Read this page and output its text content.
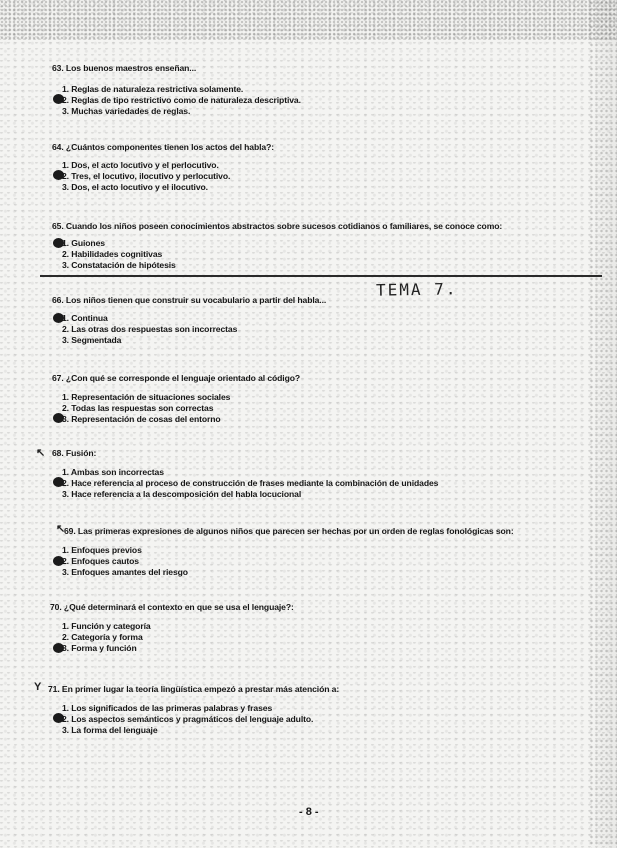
63. Los buenos maestros enseñan...
1. Reglas de naturaleza restrictiva solamente.
2. Reglas de tipo restrictivo como de naturaleza descriptiva.
3. Muchas variedades de reglas.
64. ¿Cuántos componentes tienen los actos del habla?:
1. Dos, el acto locutivo y el perlocutivo.
2. Tres, el locutivo, ilocutivo y perlocutivo.
3. Dos, el acto locutivo y el ilocutivo.
65. Cuando los niños poseen conocimientos abstractos sobre sucesos cotidianos o familiares, se conoce como:
1. Guiones
2. Habilidades cognitivas
3. Constatación de hipótesis
TEMA 7.
66. Los niños tienen que construir su vocabulario a partir del habla...
1. Continua
2. Las otras dos respuestas son incorrectas
3. Segmentada
67. ¿Con qué se corresponde el lenguaje orientado al código?
1. Representación de situaciones sociales
2. Todas las respuestas son correctas
3. Representación de cosas del entorno
↖ 68. Fusión:
1. Ambas son incorrectas
2. Hace referencia al proceso de construcción de frases mediante la combinación de unidades
3. Hace referencia a la descomposición del habla locucional
↖
69. Las primeras expresiones de algunos niños que parecen ser hechas por un orden de reglas fonológicas son:
1. Enfoques previos
2. Enfoques cautos
3. Enfoques amantes del riesgo
70. ¿Qué determinará el contexto en que se usa el lenguaje?:
1. Función y categoría
2. Categoría y forma
3. Forma y función
Y 71. En primer lugar la teoría lingüística empezó a prestar más atención a:
1. Los significados de las primeras palabras y frases
2. Los aspectos semánticos y pragmáticos del lenguaje adulto.
3. La forma del lenguaje
- 8 -
